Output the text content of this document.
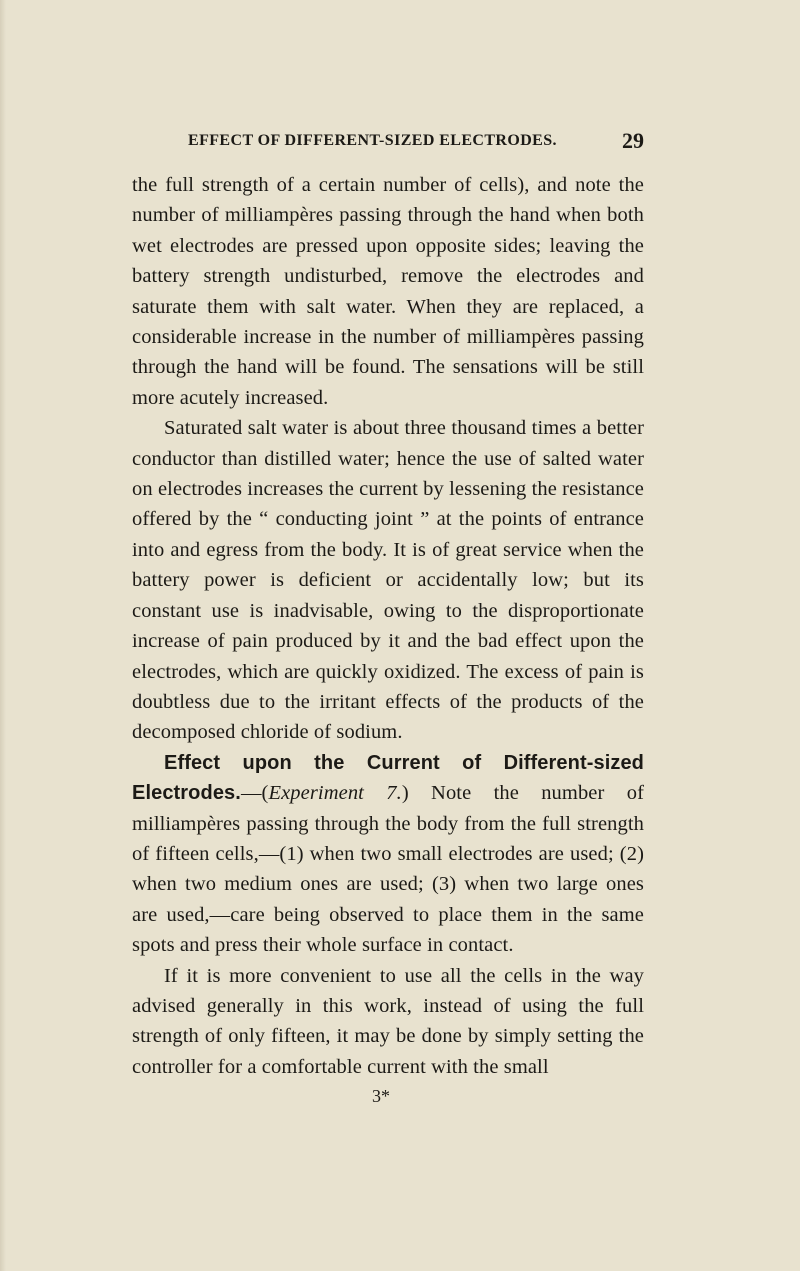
EFFECT OF DIFFERENT-SIZED ELECTRODES.	29

the full strength of a certain number of cells), and note the number of milliampères passing through the hand when both wet electrodes are pressed upon opposite sides; leaving the battery strength undisturbed, remove the electrodes and saturate them with salt water. When they are replaced, a considerable increase in the number of milliampères passing through the hand will be found. The sensations will be still more acutely increased.

Saturated salt water is about three thousand times a better conductor than distilled water; hence the use of salted water on electrodes increases the current by lessening the resistance offered by the “ conducting joint ” at the points of entrance into and egress from the body. It is of great service when the battery power is deficient or accidentally low; but its constant use is inadvisable, owing to the disproportionate increase of pain produced by it and the bad effect upon the electrodes, which are quickly oxidized. The excess of pain is doubtless due to the irritant effects of the products of the decomposed chloride of sodium.

Effect upon the Current of Different-sized Electrodes.—(Experiment 7.) Note the number of milliampères passing through the body from the full strength of fifteen cells,—(1) when two small electrodes are used; (2) when two medium ones are used; (3) when two large ones are used,—care being observed to place them in the same spots and press their whole surface in contact.

If it is more convenient to use all the cells in the way advised generally in this work, instead of using the full strength of only fifteen, it may be done by simply setting the controller for a comfortable current with the small

3*
